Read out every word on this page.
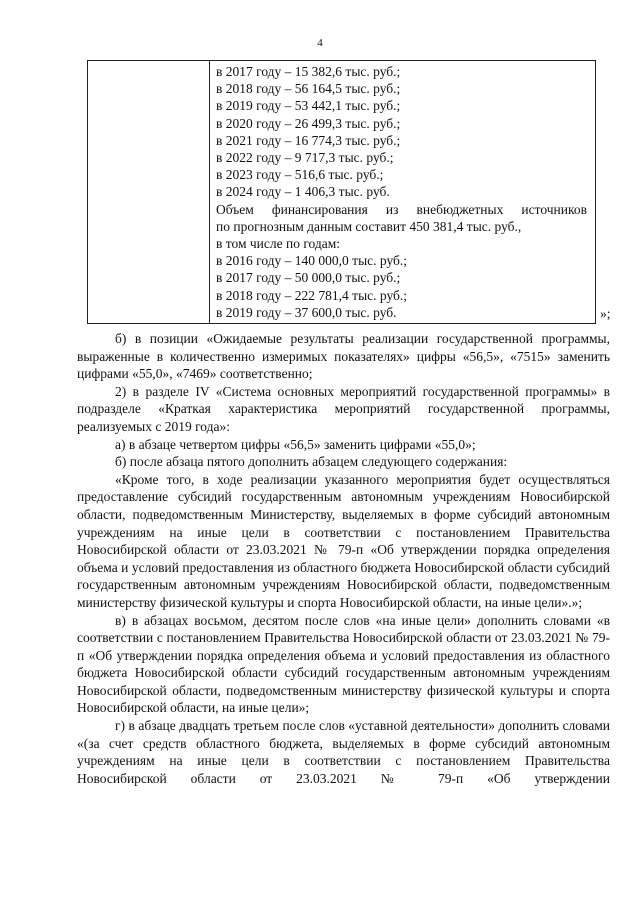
4

в 2017 году – 15 382,6 тыс. руб.;
в 2018 году – 56 164,5 тыс. руб.;
в 2019 году – 53 442,1 тыс. руб.;
в 2020 году – 26 499,3 тыс. руб.;
в 2021 году – 16 774,3 тыс. руб.;
в 2022 году – 9 717,3 тыс. руб.;
в 2023 году – 516,6 тыс. руб.;
в 2024 году – 1 406,3 тыс. руб.
Объем финансирования из внебюджетных источников
по прогнозным данным составит 450 381,4 тыс. руб.,
в том числе по годам:
в 2016 году – 140 000,0 тыс. руб.;
в 2017 году – 50 000,0 тыс. руб.;
в 2018 году – 222 781,4 тыс. руб.;
в 2019 году – 37 600,0 тыс. руб.	»;

б) в позиции «Ожидаемые результаты реализации государственной программы, выраженные в количественно измеримых показателях» цифры «56,5», «7515» заменить цифрами «55,0», «7469» соответственно;

2) в разделе IV «Система основных мероприятий государственной программы» в подразделе «Краткая характеристика мероприятий государственной программы, реализуемых с 2019 года»:

а) в абзаце четвертом цифры «56,5» заменить цифрами «55,0»;

б) после абзаца пятого дополнить абзацем следующего содержания:

«Кроме того, в ходе реализации указанного мероприятия будет осуществляться предоставление субсидий государственным автономным учреждениям Новосибирской области, подведомственным Министерству, выделяемых в форме субсидий автономным учреждениям на иные цели в соответствии с постановлением Правительства Новосибирской области от 23.03.2021 № 79-п «Об утверждении порядка определения объема и условий предоставления из областного бюджета Новосибирской области субсидий государственным автономным учреждениям Новосибирской области, подведомственным министерству физической культуры и спорта Новосибирской области, на иные цели».»;

в) в абзацах восьмом, десятом после слов «на иные цели» дополнить словами «в соответствии с постановлением Правительства Новосибирской области от 23.03.2021 № 79-п «Об утверждении порядка определения объема и условий предоставления из областного бюджета Новосибирской области субсидий государственным автономным учреждениям Новосибирской области, подведомственным министерству физической культуры и спорта Новосибирской области, на иные цели»;

г) в абзаце двадцать третьем после слов «уставной деятельности» дополнить словами «(за счет средств областного бюджета, выделяемых в форме субсидий автономным учреждениям на иные цели в соответствии с постановлением Правительства Новосибирской области от 23.03.2021 № 79-п «Об утверждении
